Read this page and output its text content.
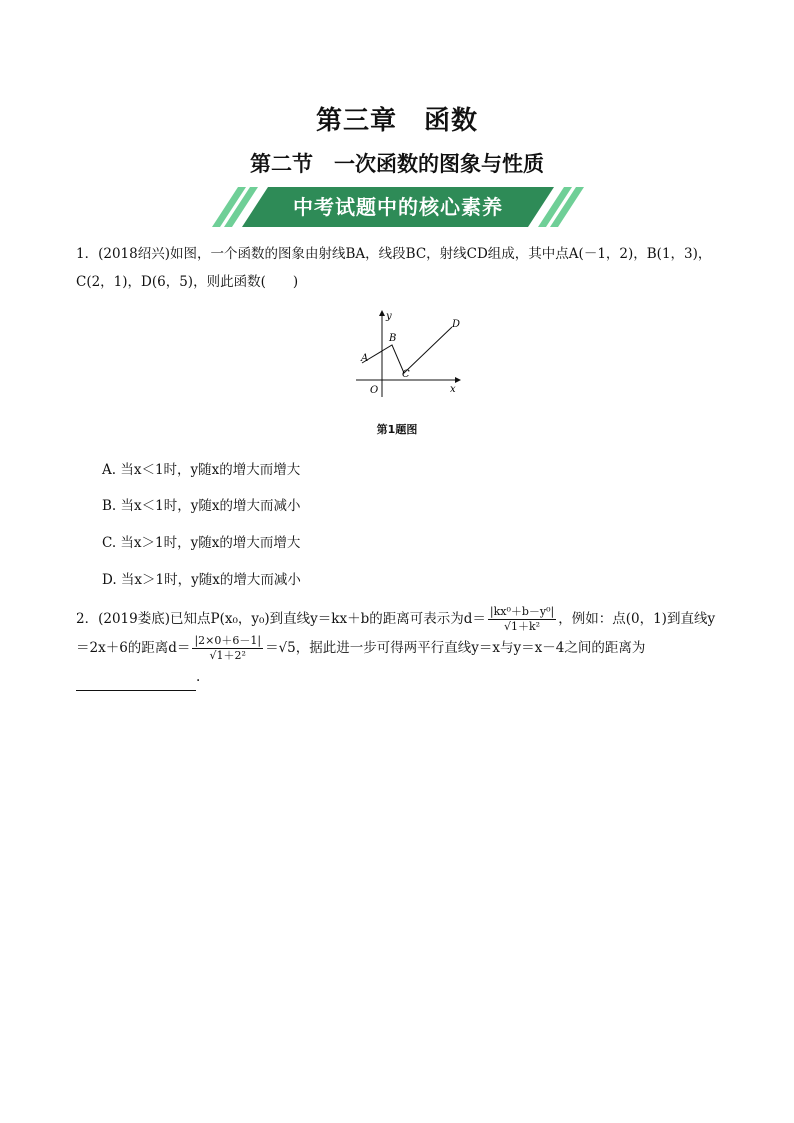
第三章　函数
第二节　一次函数的图象与性质
中考试题中的核心素养
1．(2018绍兴)如图，一个函数的图象由射线BA，线段BC，射线CD组成，其中点A(－1，2)，B(1，3)，C(2，1)，D(6，5)，则此函数(　　)
y
x
O
A
B
C
D
第1题图
A. 当x＜1时，y随x的增大而增大
B. 当x＜1时，y随x的增大而减小
C. 当x＞1时，y随x的增大而增大
D. 当x＞1时，y随x的增大而减小
2．(2019娄底)已知点P(x₀，y₀)到直线y＝kx＋b的距离可表示为$d= \frac{\text{|kx⁰＋b－y⁰|}}{\text{√1＋k²}}$ ，例如：点(0，1)到直线y＝2x＋6的距离$d= \frac{|2\times 0+6-1|}{\text{√1＋2²}} =√5$，据此进一步可得两平行直线y＝x与y＝x－4之间的距离为
.
